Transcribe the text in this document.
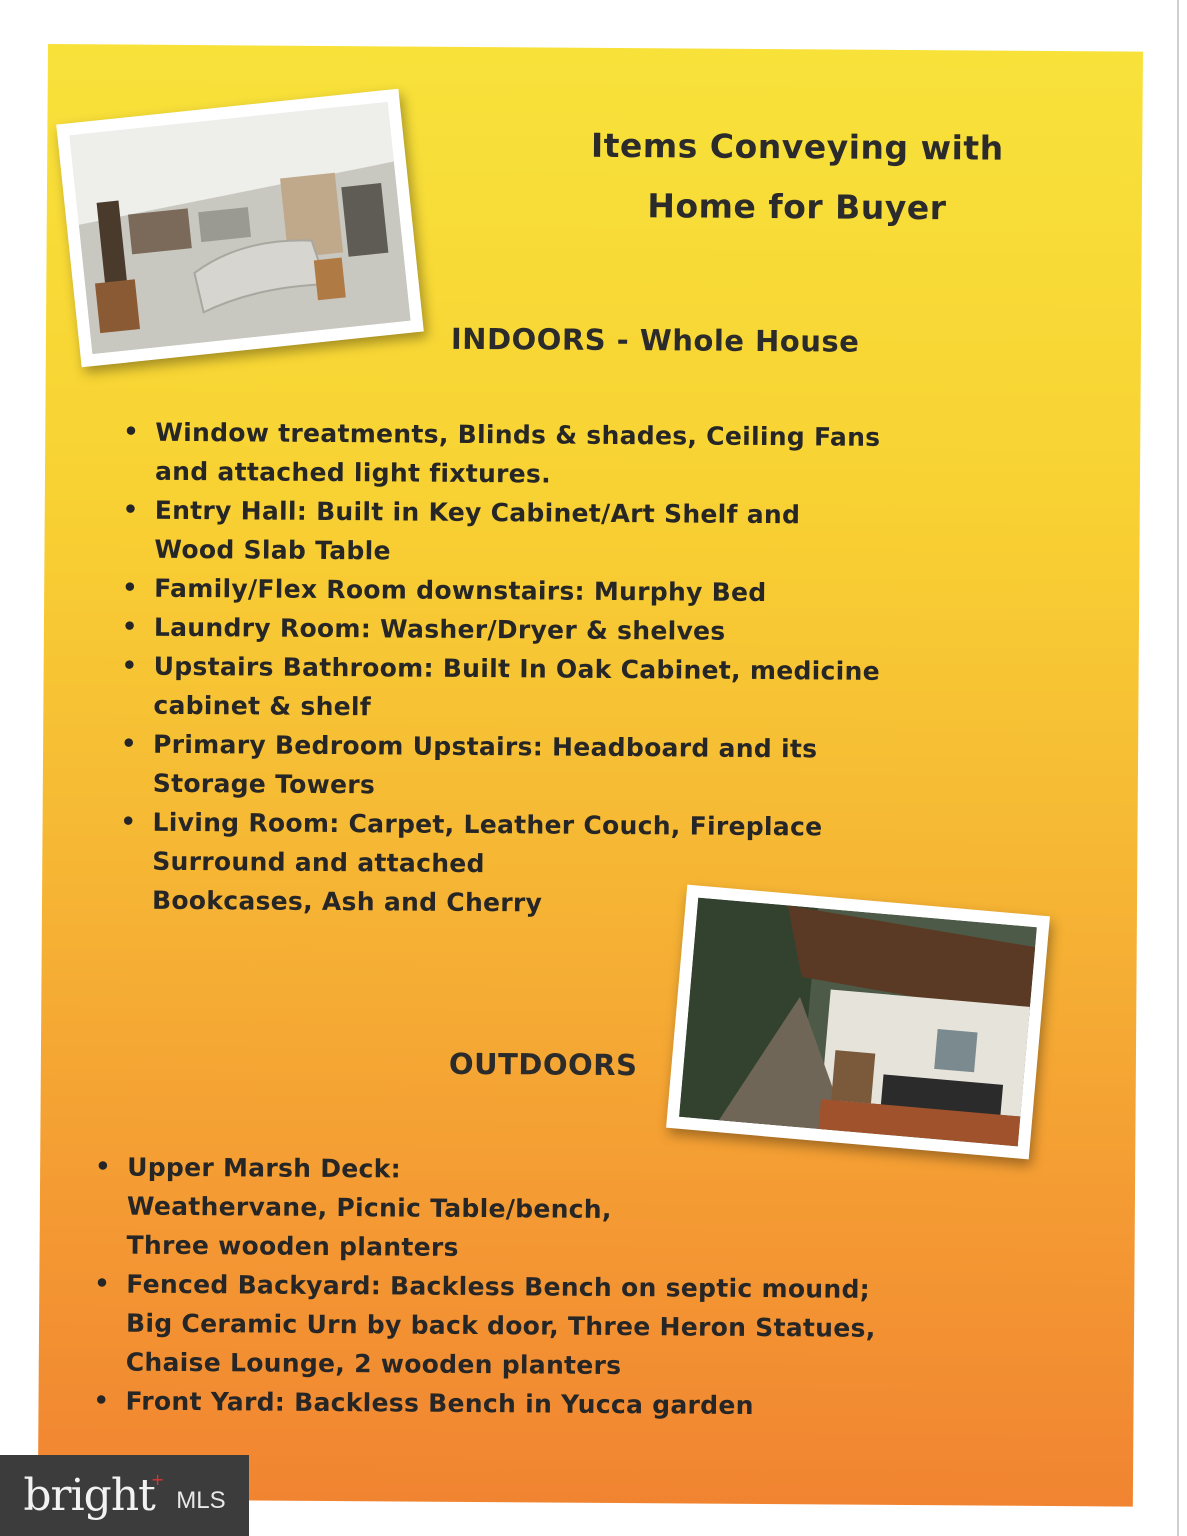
Items Conveying with
Home for Buyer
INDOORS - Whole House
• Window treatments, Blinds & shades, Ceiling Fans
and attached light fixtures.
• Entry Hall: Built in Key Cabinet/Art Shelf and
Wood Slab Table
• Family/Flex Room downstairs: Murphy Bed
• Laundry Room: Washer/Dryer & shelves
• Upstairs Bathroom: Built In Oak Cabinet, medicine
cabinet & shelf
• Primary Bedroom Upstairs: Headboard and its
Storage Towers
• Living Room: Carpet, Leather Couch, Fireplace
Surround and attached
Bookcases, Ash and Cherry
OUTDOORS
• Upper Marsh Deck:
Weathervane, Picnic Table/bench,
Three wooden planters
• Fenced Backyard: Backless Bench on septic mound;
Big Ceramic Urn by back door, Three Heron Statues,
Chaise Lounge, 2 wooden planters
• Front Yard: Backless Bench in Yucca garden
bright
+
MLS
